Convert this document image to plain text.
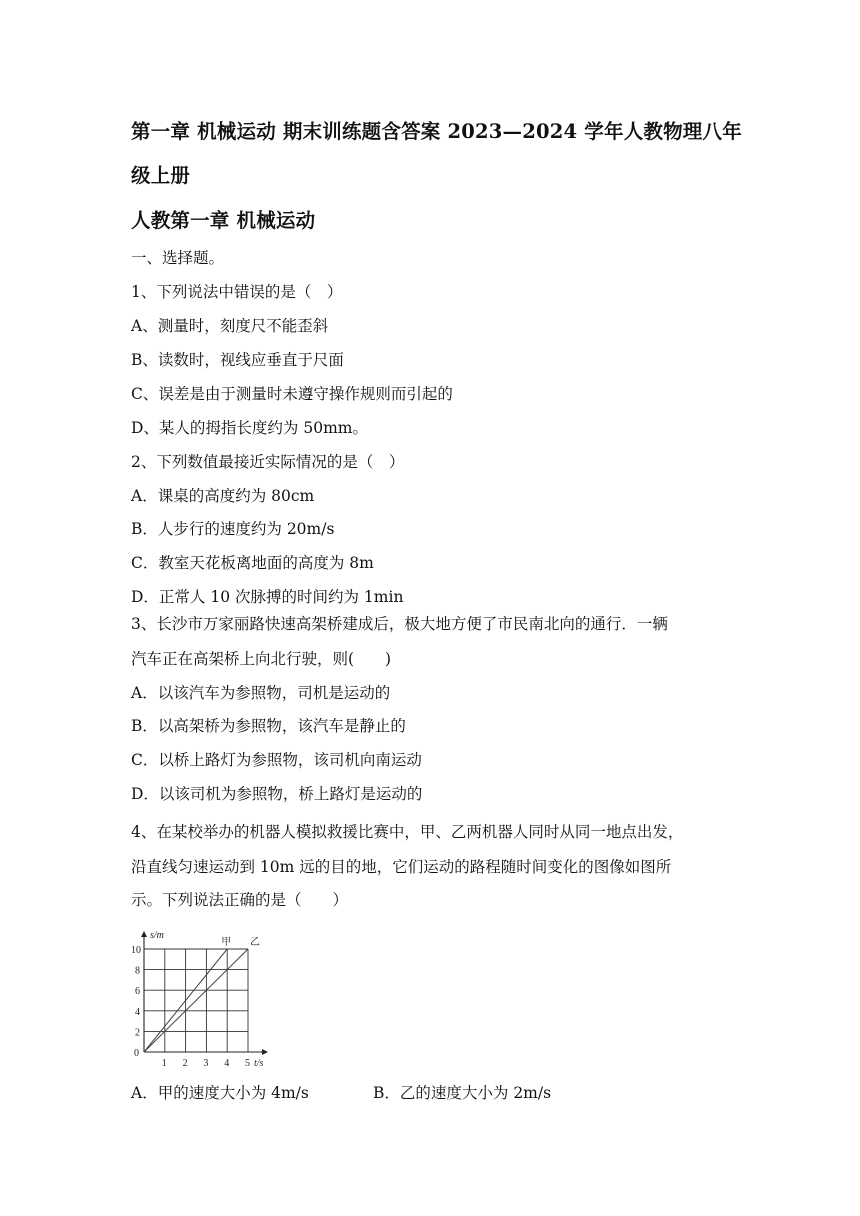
第一章 机械运动 期末训练题含答案 2023—2024 学年人教物理八年
级上册
人教第一章 机械运动
一、选择题。
1、下列说法中错误的是（　）
A、测量时，刻度尺不能歪斜
B、读数时，视线应垂直于尺面
C、误差是由于测量时未遵守操作规则而引起的
D、某人的拇指长度约为 50mm。
2、下列数值最接近实际情况的是（　）
A．课桌的高度约为 80cm
B．人步行的速度约为 20m/s
C．教室天花板离地面的高度为 8m
D．正常人 10 次脉搏的时间约为 1min
3、长沙市万家丽路快速高架桥建成后，极大地方便了市民南北向的通行．一辆
汽车正在高架桥上向北行驶，则(　　)
A．以该汽车为参照物，司机是运动的
B．以高架桥为参照物，该汽车是静止的
C．以桥上路灯为参照物，该司机向南运动
D．以该司机为参照物，桥上路灯是运动的
4、在某校举办的机器人模拟救援比赛中，甲、乙两机器人同时从同一地点出发，
沿直线匀速运动到 10m 远的目的地，它们运动的路程随时间变化的图像如图所
示。下列说法正确的是（　　）
甲 乙
0
1 2 3 4 5
2
4
6
8
10
s/m
t/s
A．甲的速度大小为 4m/s	B．乙的速度大小为 2m/s
